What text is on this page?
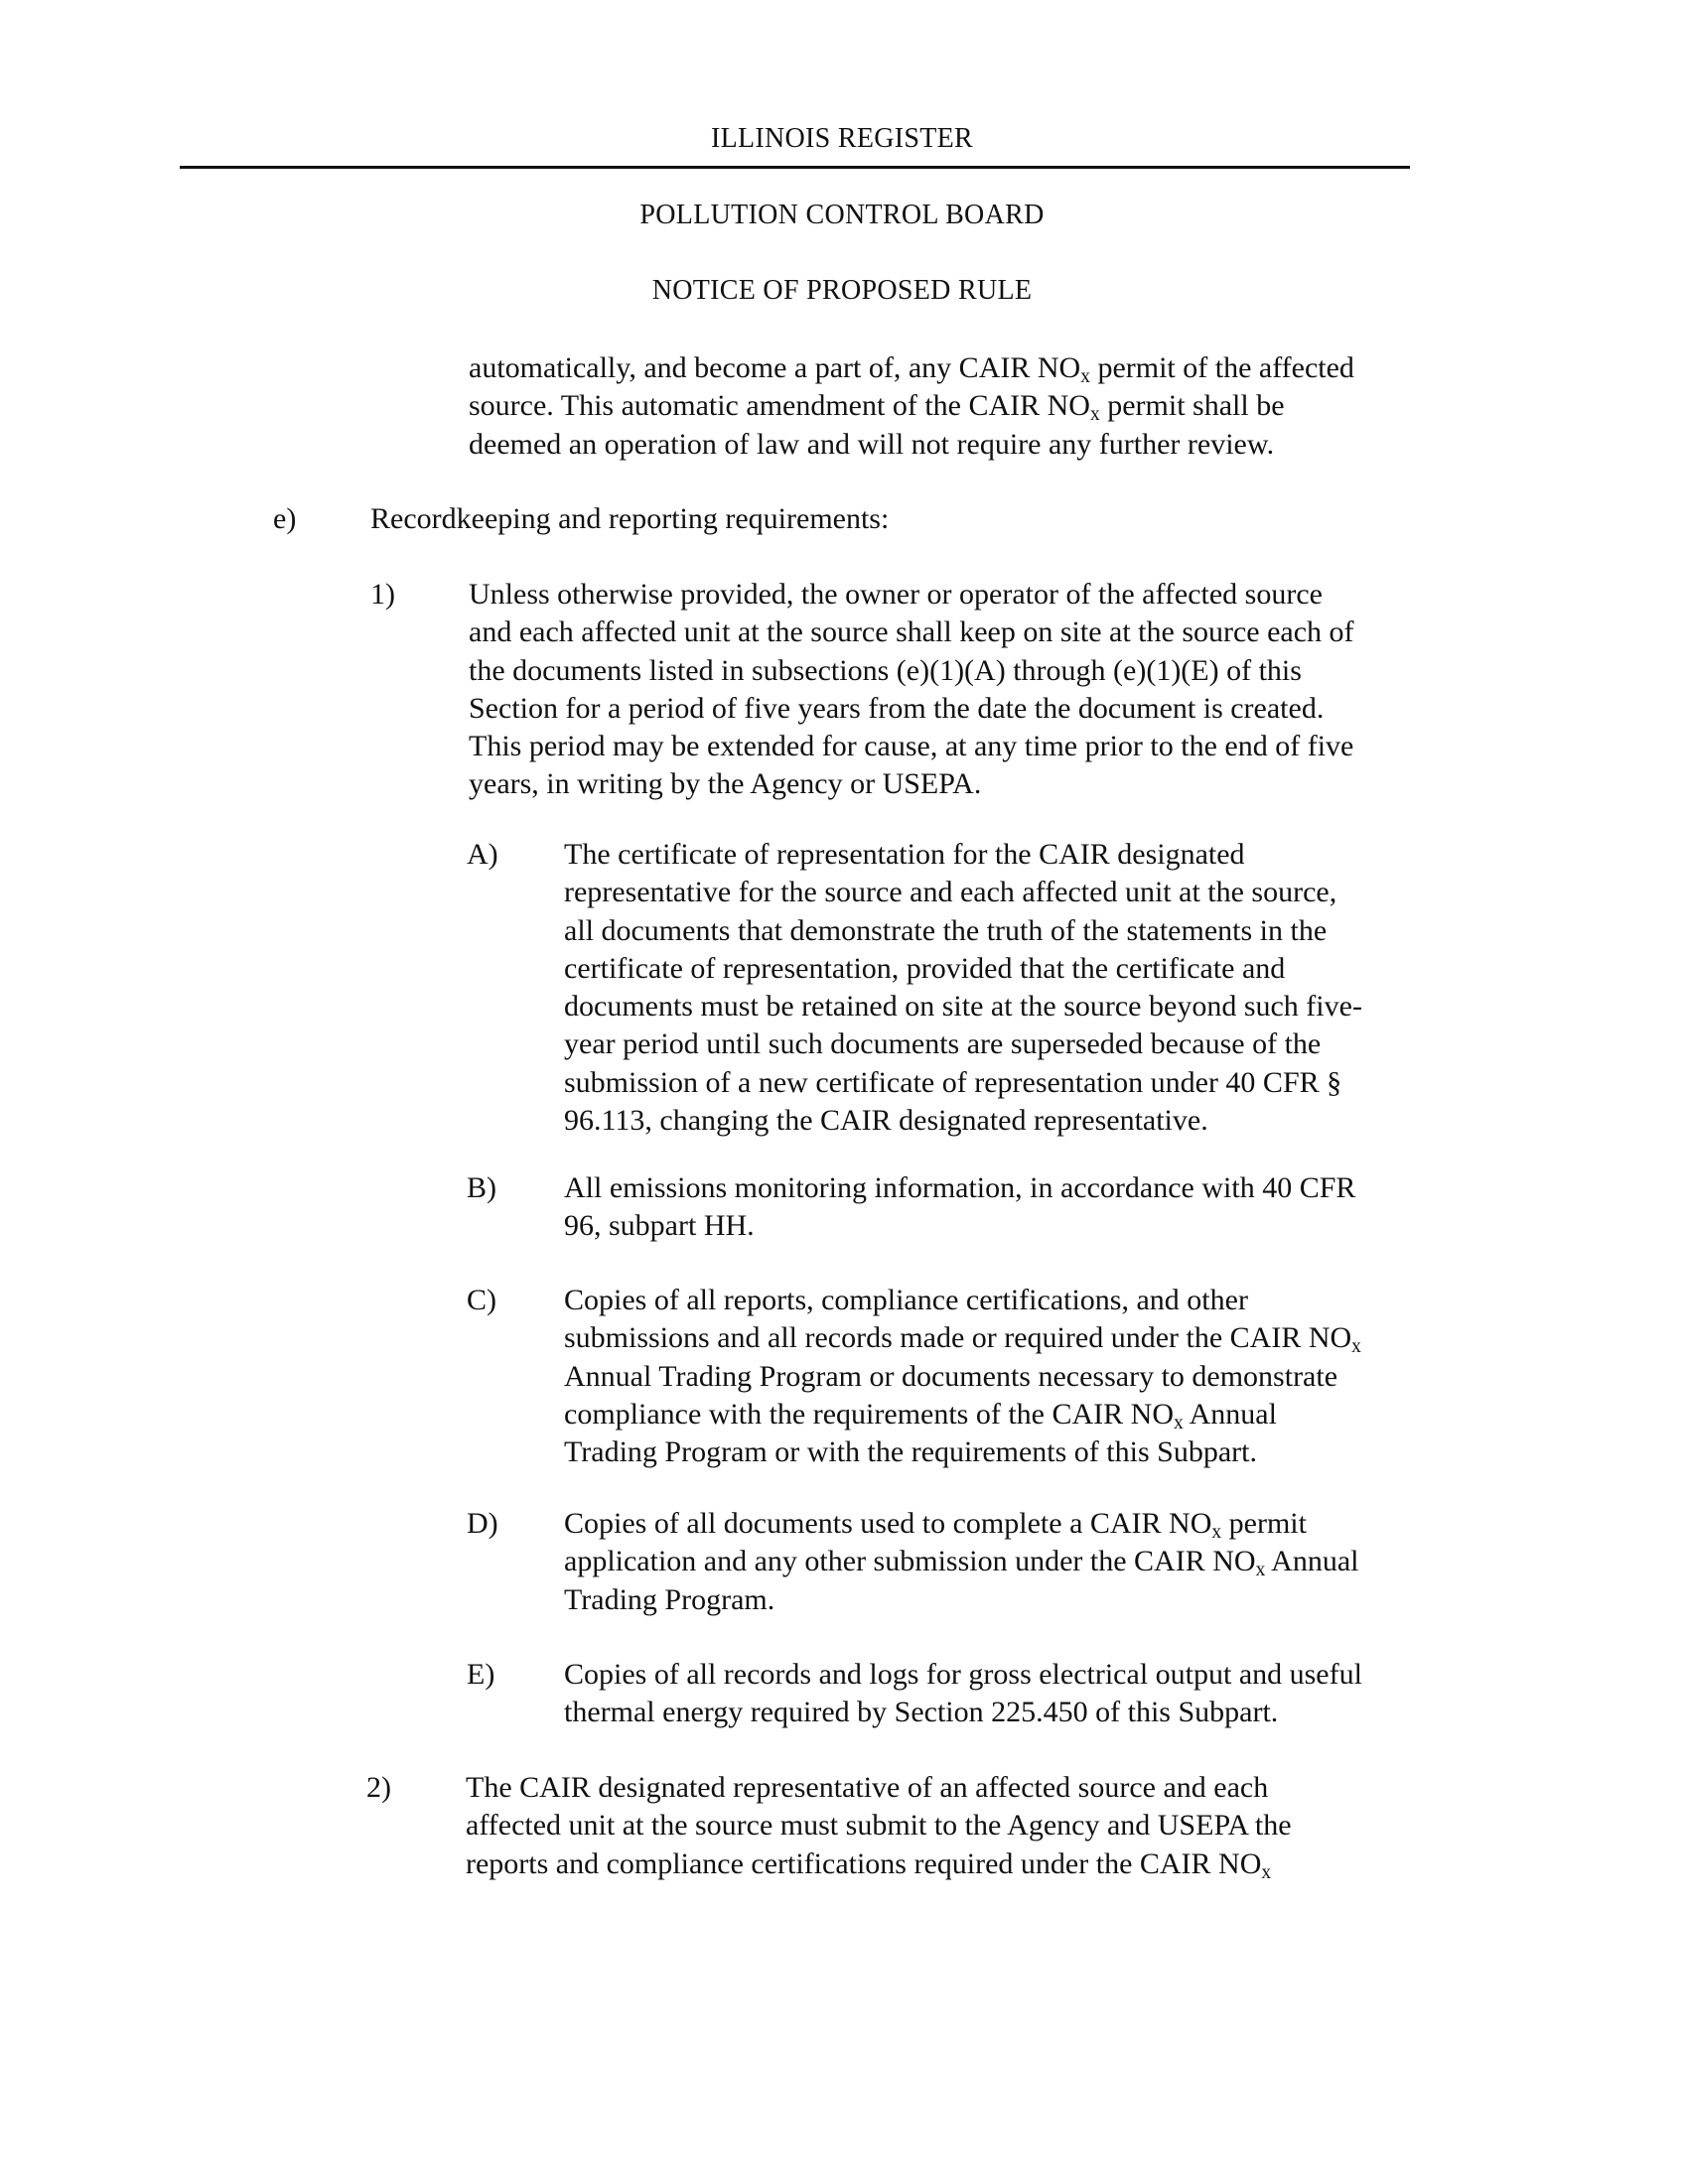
ILLINOIS REGISTER
POLLUTION CONTROL BOARD
NOTICE OF PROPOSED RULE
automatically, and become a part of, any CAIR $NO_x$ permit of the affected
source. This automatic amendment of the CAIR $NO_x$ permit shall be
deemed an operation of law and will not require any further review.
e) Recordkeeping and reporting requirements:
1) Unless otherwise provided, the owner or operator of the affected source
and each affected unit at the source shall keep on site at the source each of
the documents listed in subsections (e)(1)(A) through (e)(1)(E) of this
Section for a period of five years from the date the document is created.
This period may be extended for cause, at any time prior to the end of five
years, in writing by the Agency or USEPA.
A) The certificate of representation for the CAIR designated
representative for the source and each affected unit at the source,
all documents that demonstrate the truth of the statements in the
certificate of representation, provided that the certificate and
documents must be retained on site at the source beyond such five-
year period until such documents are superseded because of the
submission of a new certificate of representation under 40 CFR §
96.113, changing the CAIR designated representative.
B) All emissions monitoring information, in accordance with 40 CFR
96, subpart HH.
C) Copies of all reports, compliance certifications, and other
submissions and all records made or required under the CAIR $NO_x$
Annual Trading Program or documents necessary to demonstrate
compliance with the requirements of the CAIR $NO_x$ Annual
Trading Program or with the requirements of this Subpart.
D) Copies of all documents used to complete a CAIR $NO_x$ permit
application and any other submission under the CAIR $NO_x$ Annual
Trading Program.
E) Copies of all records and logs for gross electrical output and useful
thermal energy required by Section 225.450 of this Subpart.
2)	The CAIR designated representative of an affected source and each
affected unit at the source must submit to the Agency and USEPA the
reports and compliance certifications required under the CAIR $NO_x$
